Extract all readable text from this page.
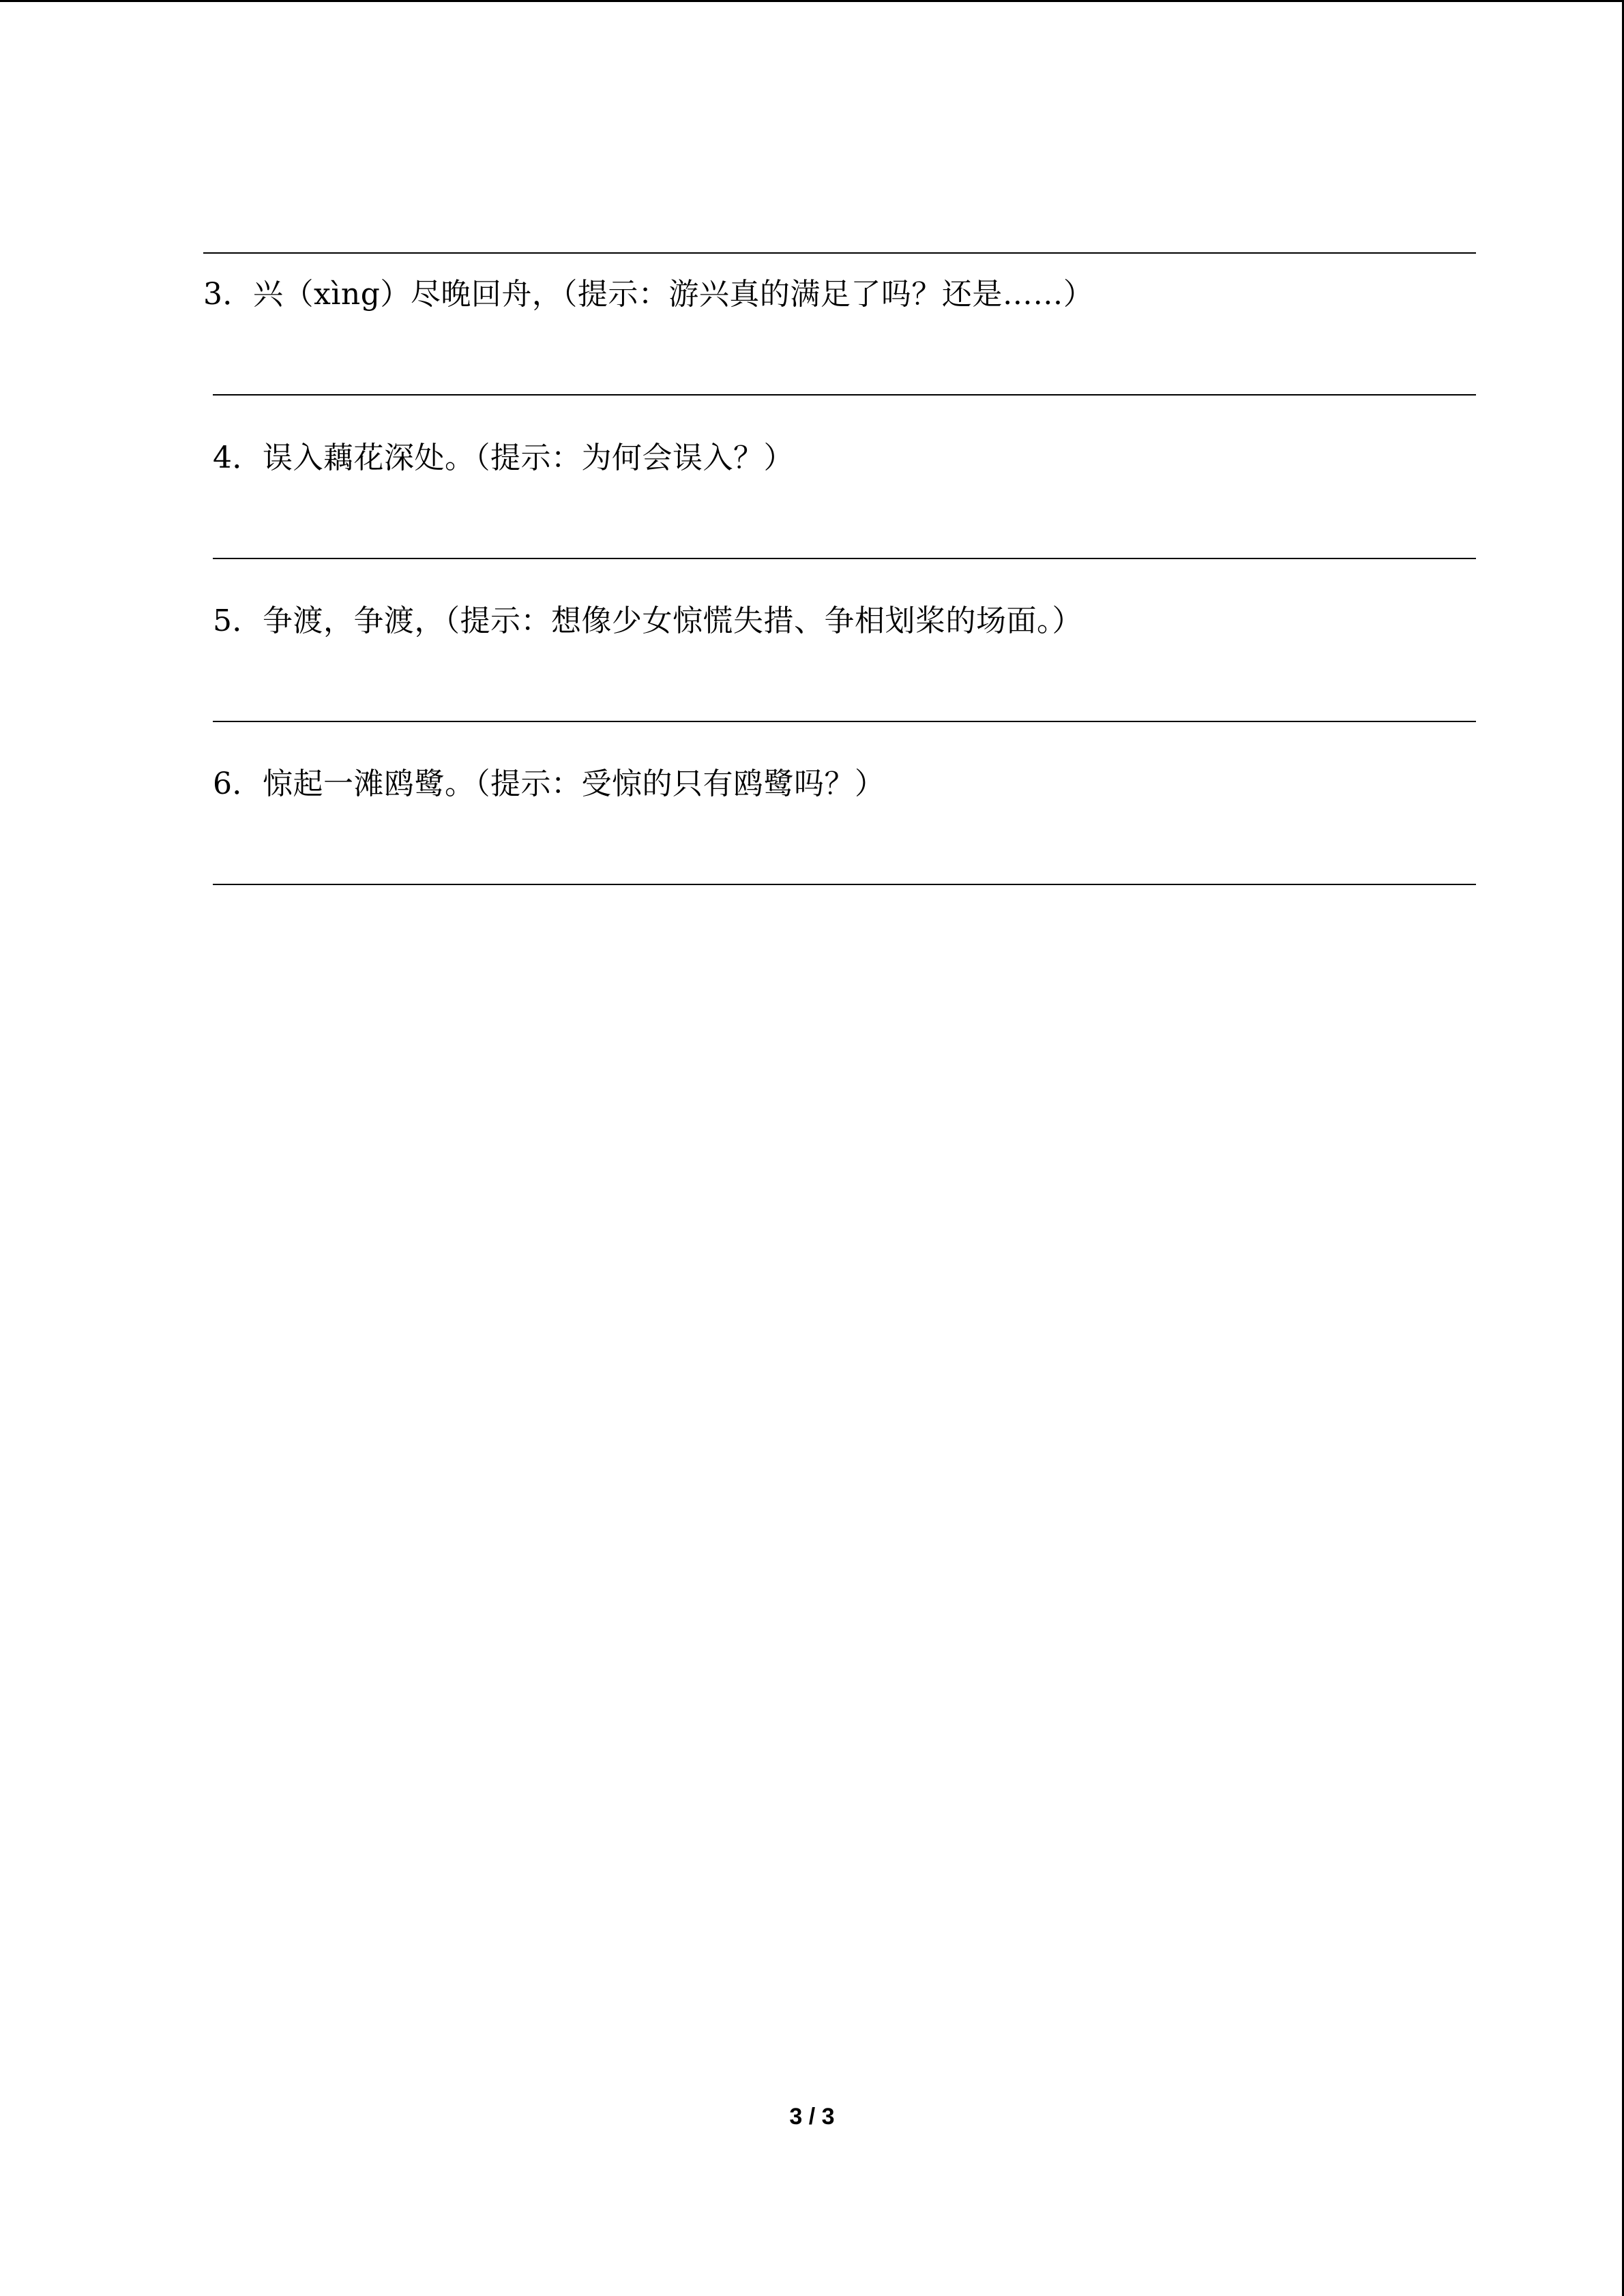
3．兴（xìng）尽晚回舟，（提示：游兴真的满足了吗？还是……）
4．误入藕花深处。（提示：为何会误入？）
5．争渡，争渡，（提示：想像少女惊慌失措、争相划桨的场面。）
6．惊起一滩鸥鹭。（提示：受惊的只有鸥鹭吗？）
3 / 3
